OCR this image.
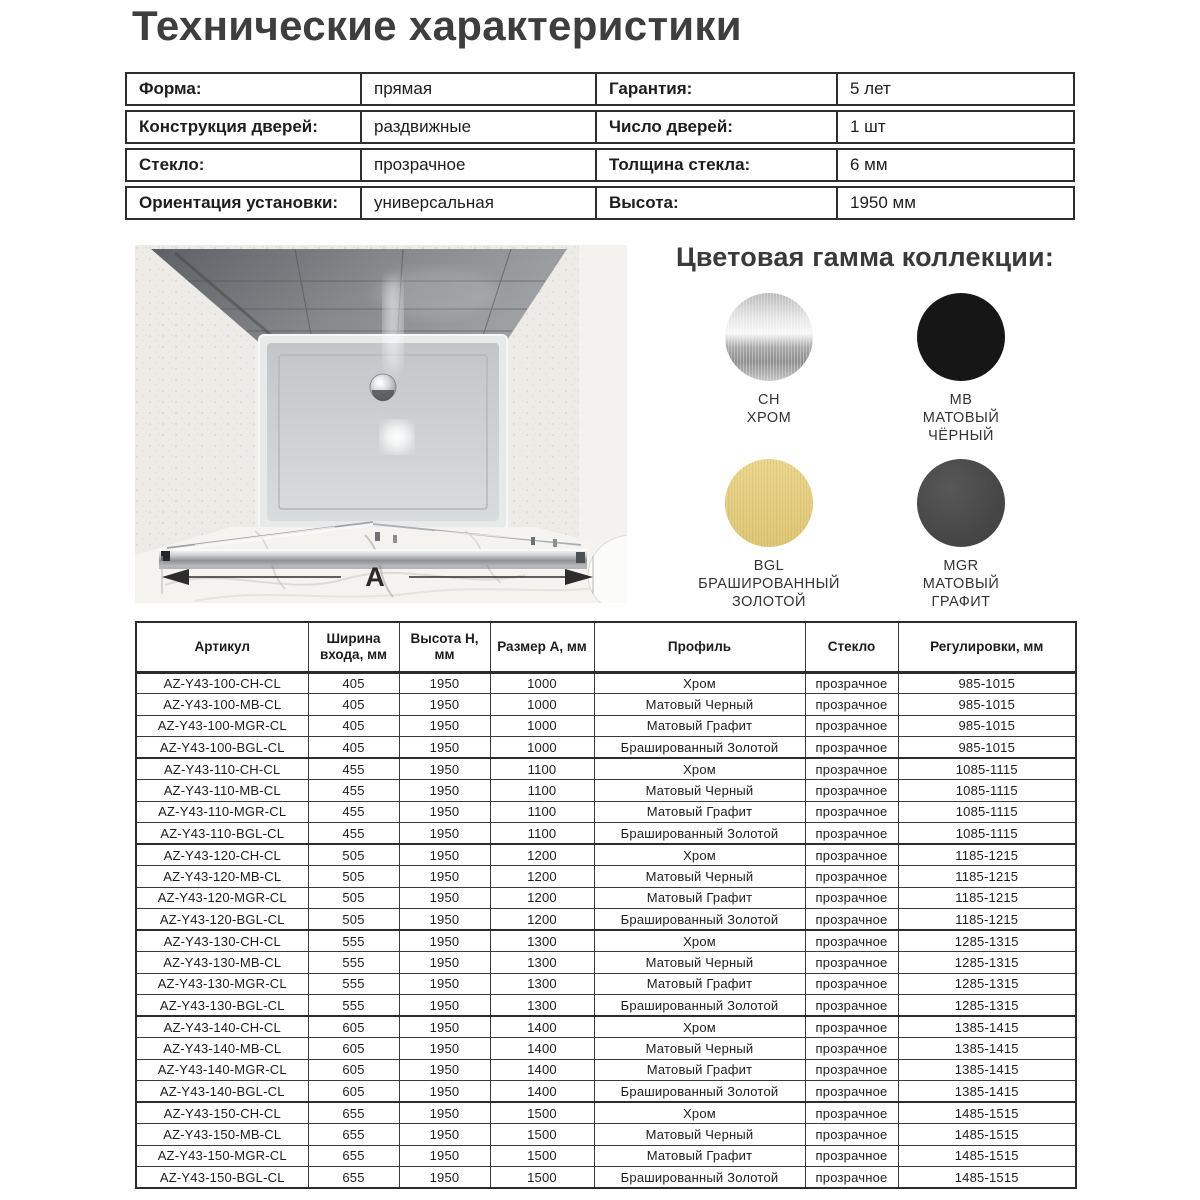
Технические характеристики
Форма:	прямая	Гарантия:	5 лет
Конструкция дверей:	раздвижные	Число дверей:	1 шт
Стекло:	прозрачное	Толщина стекла:	6 мм
Ориентация установки:	универсальная	Высота:	1950 мм
A
Цветовая гамма коллекции:
CH
ХРОМ
MB
МАТОВЫЙ
ЧЁРНЫЙ
BGL
БРАШИРОВАННЫЙ
ЗОЛОТОЙ
MGR
МАТОВЫЙ
ГРАФИТ
Артикул	Ширина входа, мм	Высота H, мм	Размер А, мм	Профиль	Стекло	Регулировки, мм
AZ-Y43-100-CH-CL	405	1950	1000	Хром	прозрачное	985-1015
AZ-Y43-100-MB-CL	405	1950	1000	Матовый Черный	прозрачное	985-1015
AZ-Y43-100-MGR-CL	405	1950	1000	Матовый Графит	прозрачное	985-1015
AZ-Y43-100-BGL-CL	405	1950	1000	Брашированный Золотой	прозрачное	985-1015
AZ-Y43-110-CH-CL	455	1950	1100	Хром	прозрачное	1085-1115
AZ-Y43-110-MB-CL	455	1950	1100	Матовый Черный	прозрачное	1085-1115
AZ-Y43-110-MGR-CL	455	1950	1100	Матовый Графит	прозрачное	1085-1115
AZ-Y43-110-BGL-CL	455	1950	1100	Брашированный Золотой	прозрачное	1085-1115
AZ-Y43-120-CH-CL	505	1950	1200	Хром	прозрачное	1185-1215
AZ-Y43-120-MB-CL	505	1950	1200	Матовый Черный	прозрачное	1185-1215
AZ-Y43-120-MGR-CL	505	1950	1200	Матовый Графит	прозрачное	1185-1215
AZ-Y43-120-BGL-CL	505	1950	1200	Брашированный Золотой	прозрачное	1185-1215
AZ-Y43-130-CH-CL	555	1950	1300	Хром	прозрачное	1285-1315
AZ-Y43-130-MB-CL	555	1950	1300	Матовый Черный	прозрачное	1285-1315
AZ-Y43-130-MGR-CL	555	1950	1300	Матовый Графит	прозрачное	1285-1315
AZ-Y43-130-BGL-CL	555	1950	1300	Брашированный Золотой	прозрачное	1285-1315
AZ-Y43-140-CH-CL	605	1950	1400	Хром	прозрачное	1385-1415
AZ-Y43-140-MB-CL	605	1950	1400	Матовый Черный	прозрачное	1385-1415
AZ-Y43-140-MGR-CL	605	1950	1400	Матовый Графит	прозрачное	1385-1415
AZ-Y43-140-BGL-CL	605	1950	1400	Брашированный Золотой	прозрачное	1385-1415
AZ-Y43-150-CH-CL	655	1950	1500	Хром	прозрачное	1485-1515
AZ-Y43-150-MB-CL	655	1950	1500	Матовый Черный	прозрачное	1485-1515
AZ-Y43-150-MGR-CL	655	1950	1500	Матовый Графит	прозрачное	1485-1515
AZ-Y43-150-BGL-CL	655	1950	1500	Брашированный Золотой	прозрачное	1485-1515
